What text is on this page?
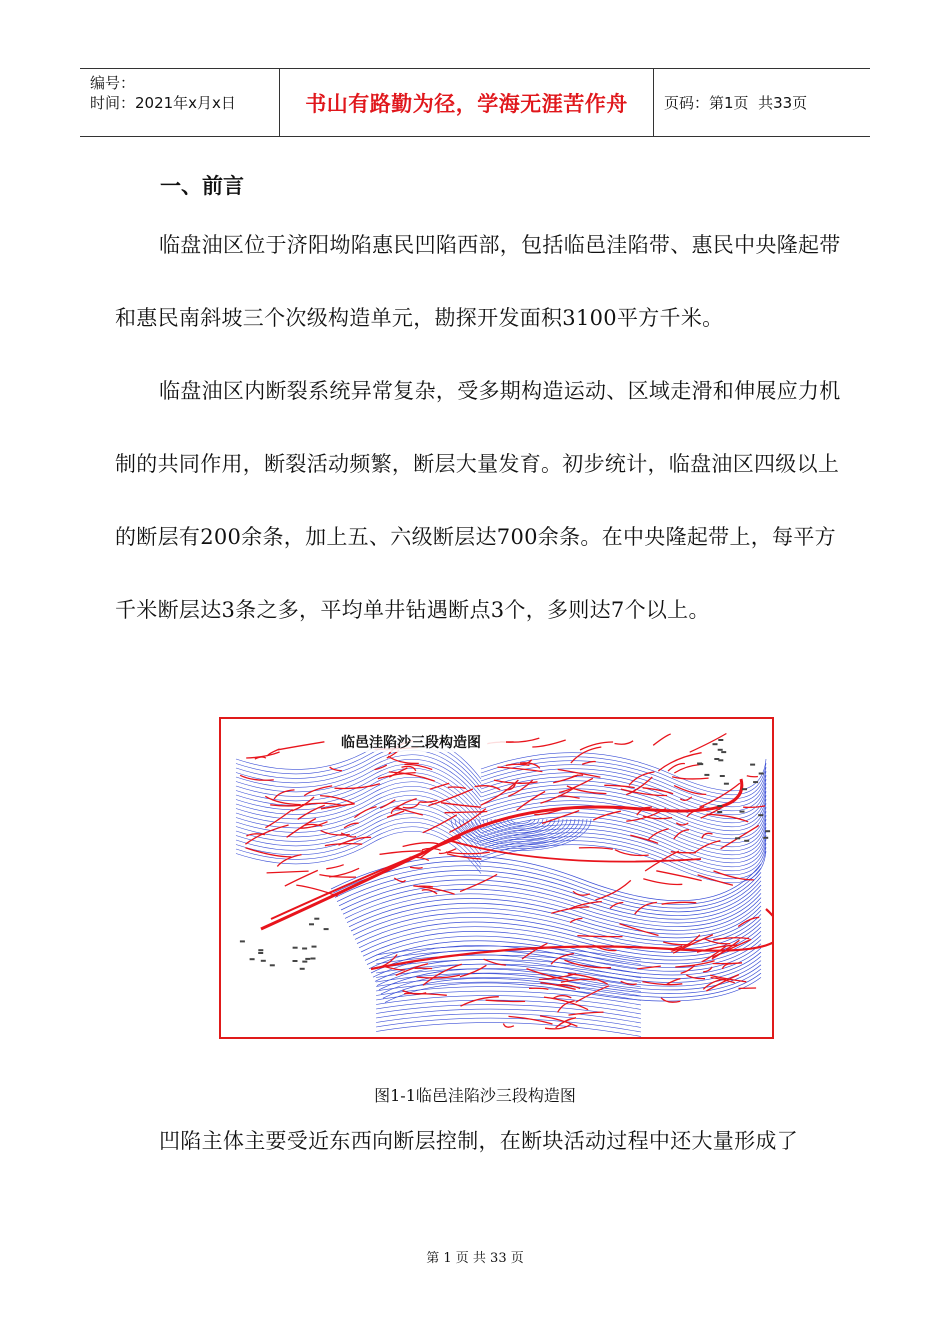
编号：
时间：2021年x月x日	书山有路勤为径，学海无涯苦作舟	页码：第1页  共33页
一、前言

临盘油区位于济阳坳陷惠民凹陷西部，包括临邑洼陷带、惠民中央隆起带和惠民南斜坡三个次级构造单元，勘探开发面积3100平方千米。

临盘油区内断裂系统异常复杂，受多期构造运动、区域走滑和伸展应力机制的共同作用，断裂活动频繁，断层大量发育。初步统计，临盘油区四级以上的断层有200余条，加上五、六级断层达700余条。在中央隆起带上，每平方千米断层达3条之多，平均单井钻遇断点3个，多则达7个以上。

临邑洼陷沙三段构造图
图1-1临邑洼陷沙三段构造图

凹陷主体主要受近东西向断层控制，在断块活动过程中还大量形成了

第 1 页 共 33 页
